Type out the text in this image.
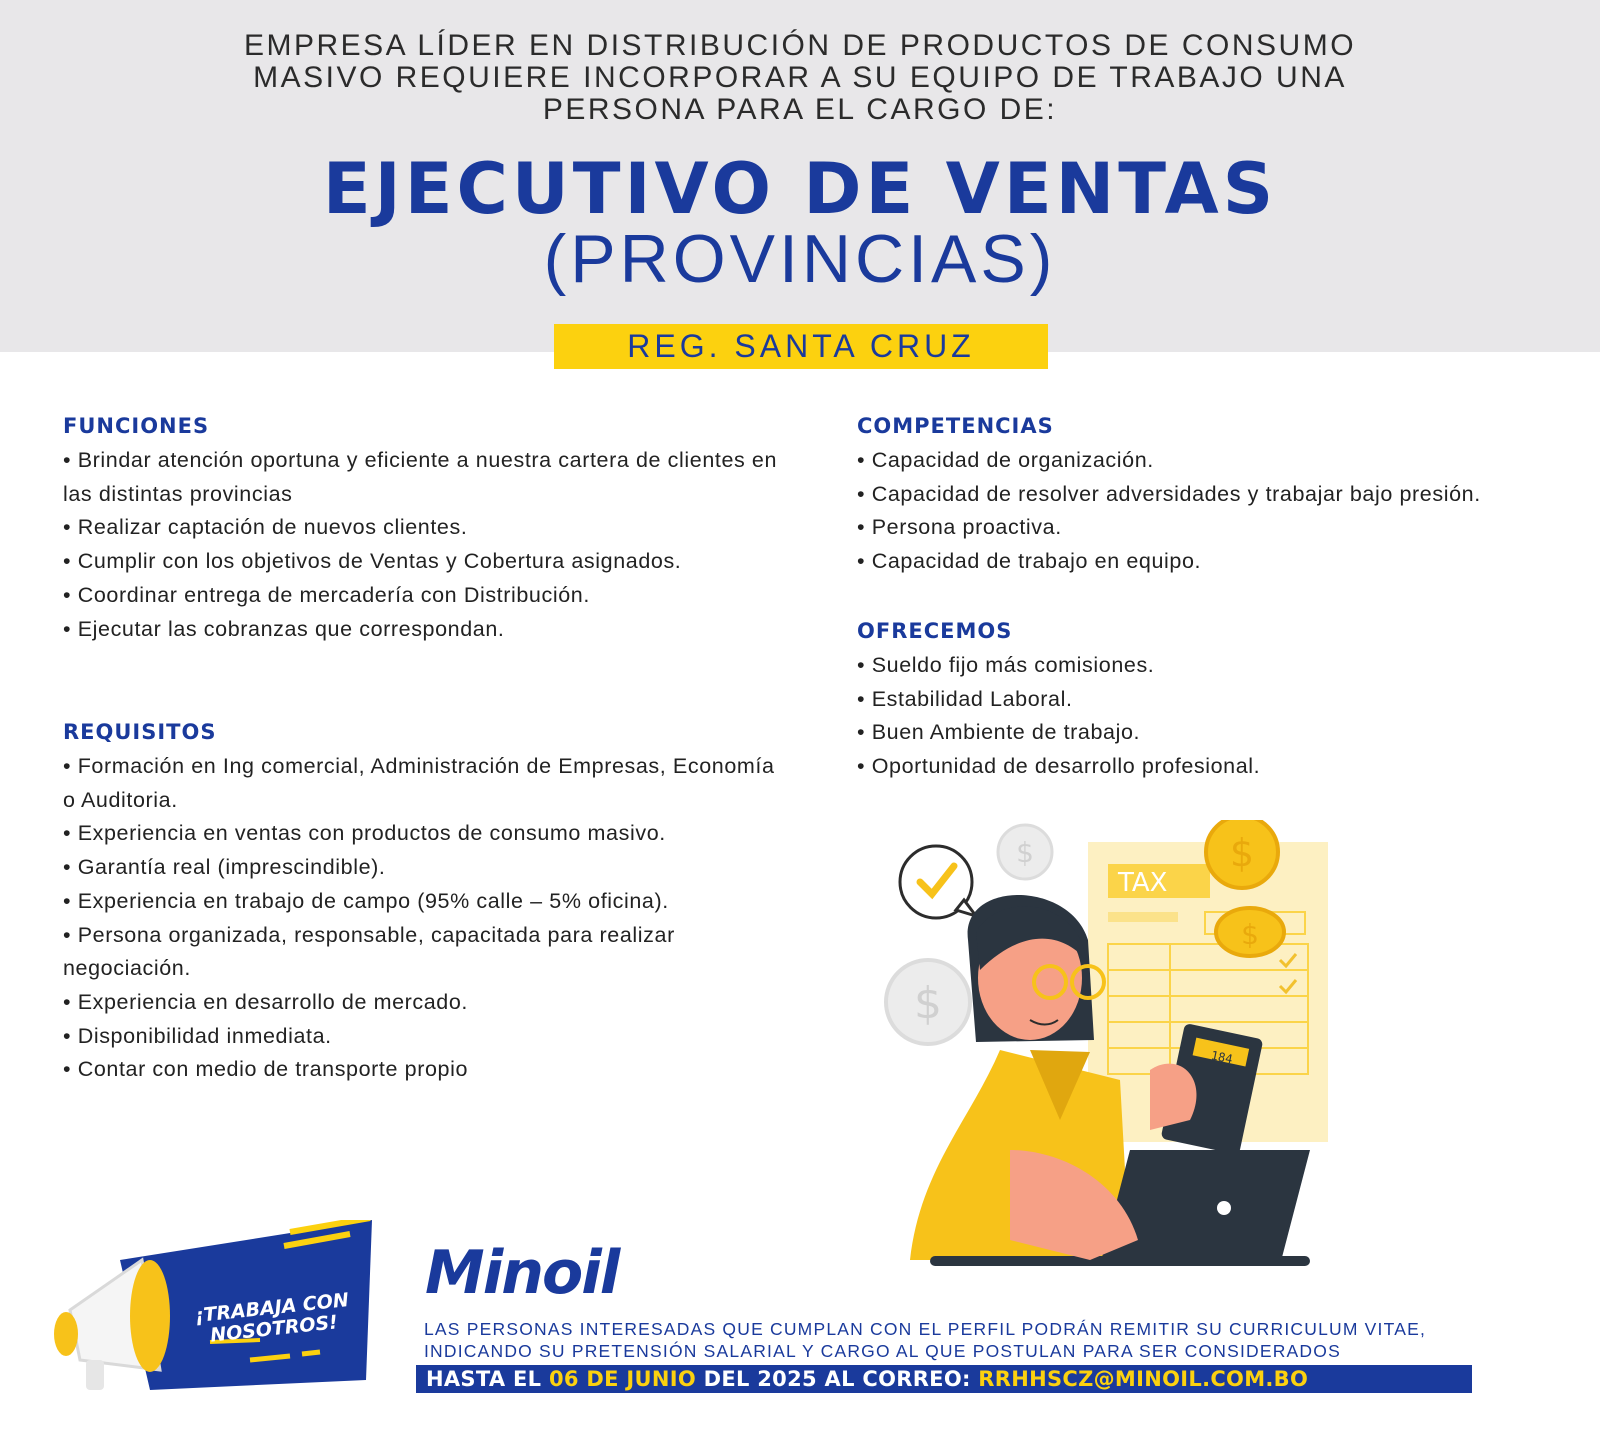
EMPRESA LÍDER EN DISTRIBUCIÓN DE PRODUCTOS DE CONSUMO
MASIVO REQUIERE INCORPORAR A SU EQUIPO DE TRABAJO UNA
PERSONA PARA EL CARGO DE:
EJECUTIVO DE VENTAS
(PROVINCIAS)
REG. SANTA CRUZ
FUNCIONES
• Brindar atención oportuna y eficiente a nuestra cartera de clientes en las distintas provincias
• Realizar captación de nuevos clientes.
• Cumplir con los objetivos de Ventas y Cobertura asignados.
• Coordinar entrega de mercadería con Distribución.
• Ejecutar las cobranzas que correspondan.
REQUISITOS
• Formación en Ing comercial, Administración de Empresas, Economía o Auditoria.
• Experiencia en ventas con productos de consumo masivo.
• Garantía real (imprescindible).
• Experiencia en trabajo de campo (95% calle – 5% oficina).
• Persona organizada, responsable, capacitada para realizar negociación.
• Experiencia en desarrollo de mercado.
• Disponibilidad inmediata.
• Contar con medio de transporte propio
COMPETENCIAS
• Capacidad de organización.
• Capacidad de resolver adversidades y trabajar bajo presión.
• Persona proactiva.
• Capacidad de trabajo en equipo.
OFRECEMOS
• Sueldo fijo más comisiones.
• Estabilidad Laboral.
• Buen Ambiente de trabajo.
• Oportunidad de desarrollo profesional.
$
$
TAX
$
$
184
¡TRABAJA CON NOSOTROS!
Minoil
LAS PERSONAS INTERESADAS QUE CUMPLAN CON EL PERFIL PODRÁN REMITIR SU CURRICULUM VITAE, INDICANDO SU PRETENSIÓN SALARIAL Y CARGO AL QUE POSTULAN PARA SER CONSIDERADOS
HASTA EL 06 DE JUNIO DEL 2025 AL CORREO: RRHHSCZ@MINOIL.COM.BO
